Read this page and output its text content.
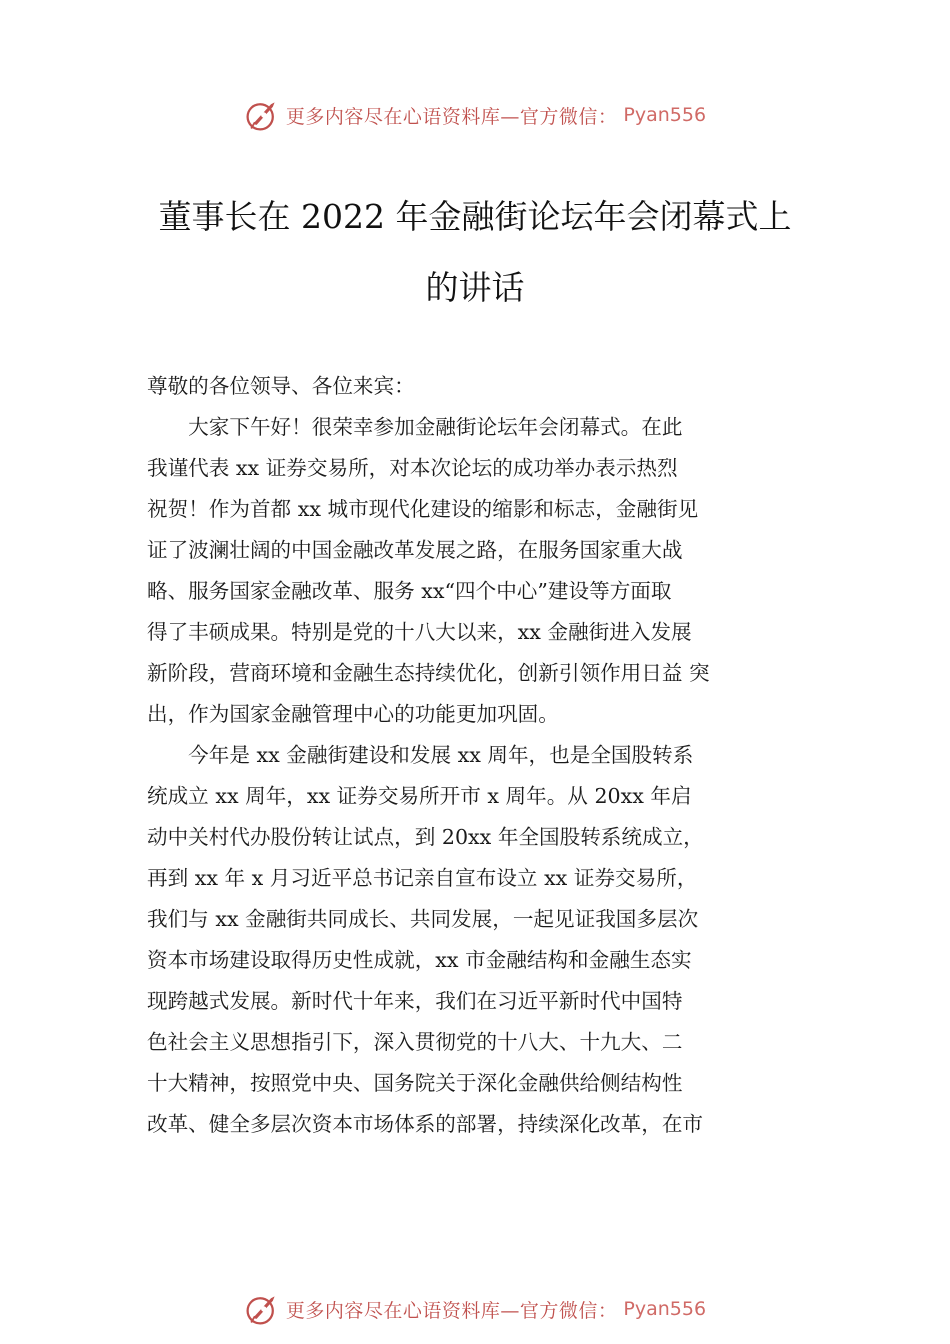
更多内容尽在心语资料库—官方微信： Pyan556
董事长在 2022 年金融街论坛年会闭幕式上
的讲话
尊敬的各位领导、各位来宾：
　　大家下午好！很荣幸参加金融街论坛年会闭幕式。在此
我谨代表 xx 证券交易所，对本次论坛的成功举办表示热烈
祝贺！作为首都 xx 城市现代化建设的缩影和标志，金融街见
证了波澜壮阔的中国金融改革发展之路，在服务国家重大战
略、服务国家金融改革、服务 xx“四个中心”建设等方面取
得了丰硕成果。特别是党的十八大以来，xx 金融街进入发展
新阶段，营商环境和金融生态持续优化，创新引领作用日益 突
出，作为国家金融管理中心的功能更加巩固。
　　今年是 xx 金融街建设和发展 xx 周年，也是全国股转系
统成立 xx 周年，xx 证券交易所开市 x 周年。从 20xx 年启
动中关村代办股份转让试点，到 20xx 年全国股转系统成立，
再到 xx 年 x 月习近平总书记亲自宣布设立 xx 证券交易所，
我们与 xx 金融街共同成长、共同发展，一起见证我国多层次
资本市场建设取得历史性成就，xx 市金融结构和金融生态实
现跨越式发展。新时代十年来，我们在习近平新时代中国特
色社会主义思想指引下，深入贯彻党的十八大、十九大、二
十大精神，按照党中央、国务院关于深化金融供给侧结构性
改革、健全多层次资本市场体系的部署，持续深化改革，在市
更多内容尽在心语资料库—官方微信： Pyan556
